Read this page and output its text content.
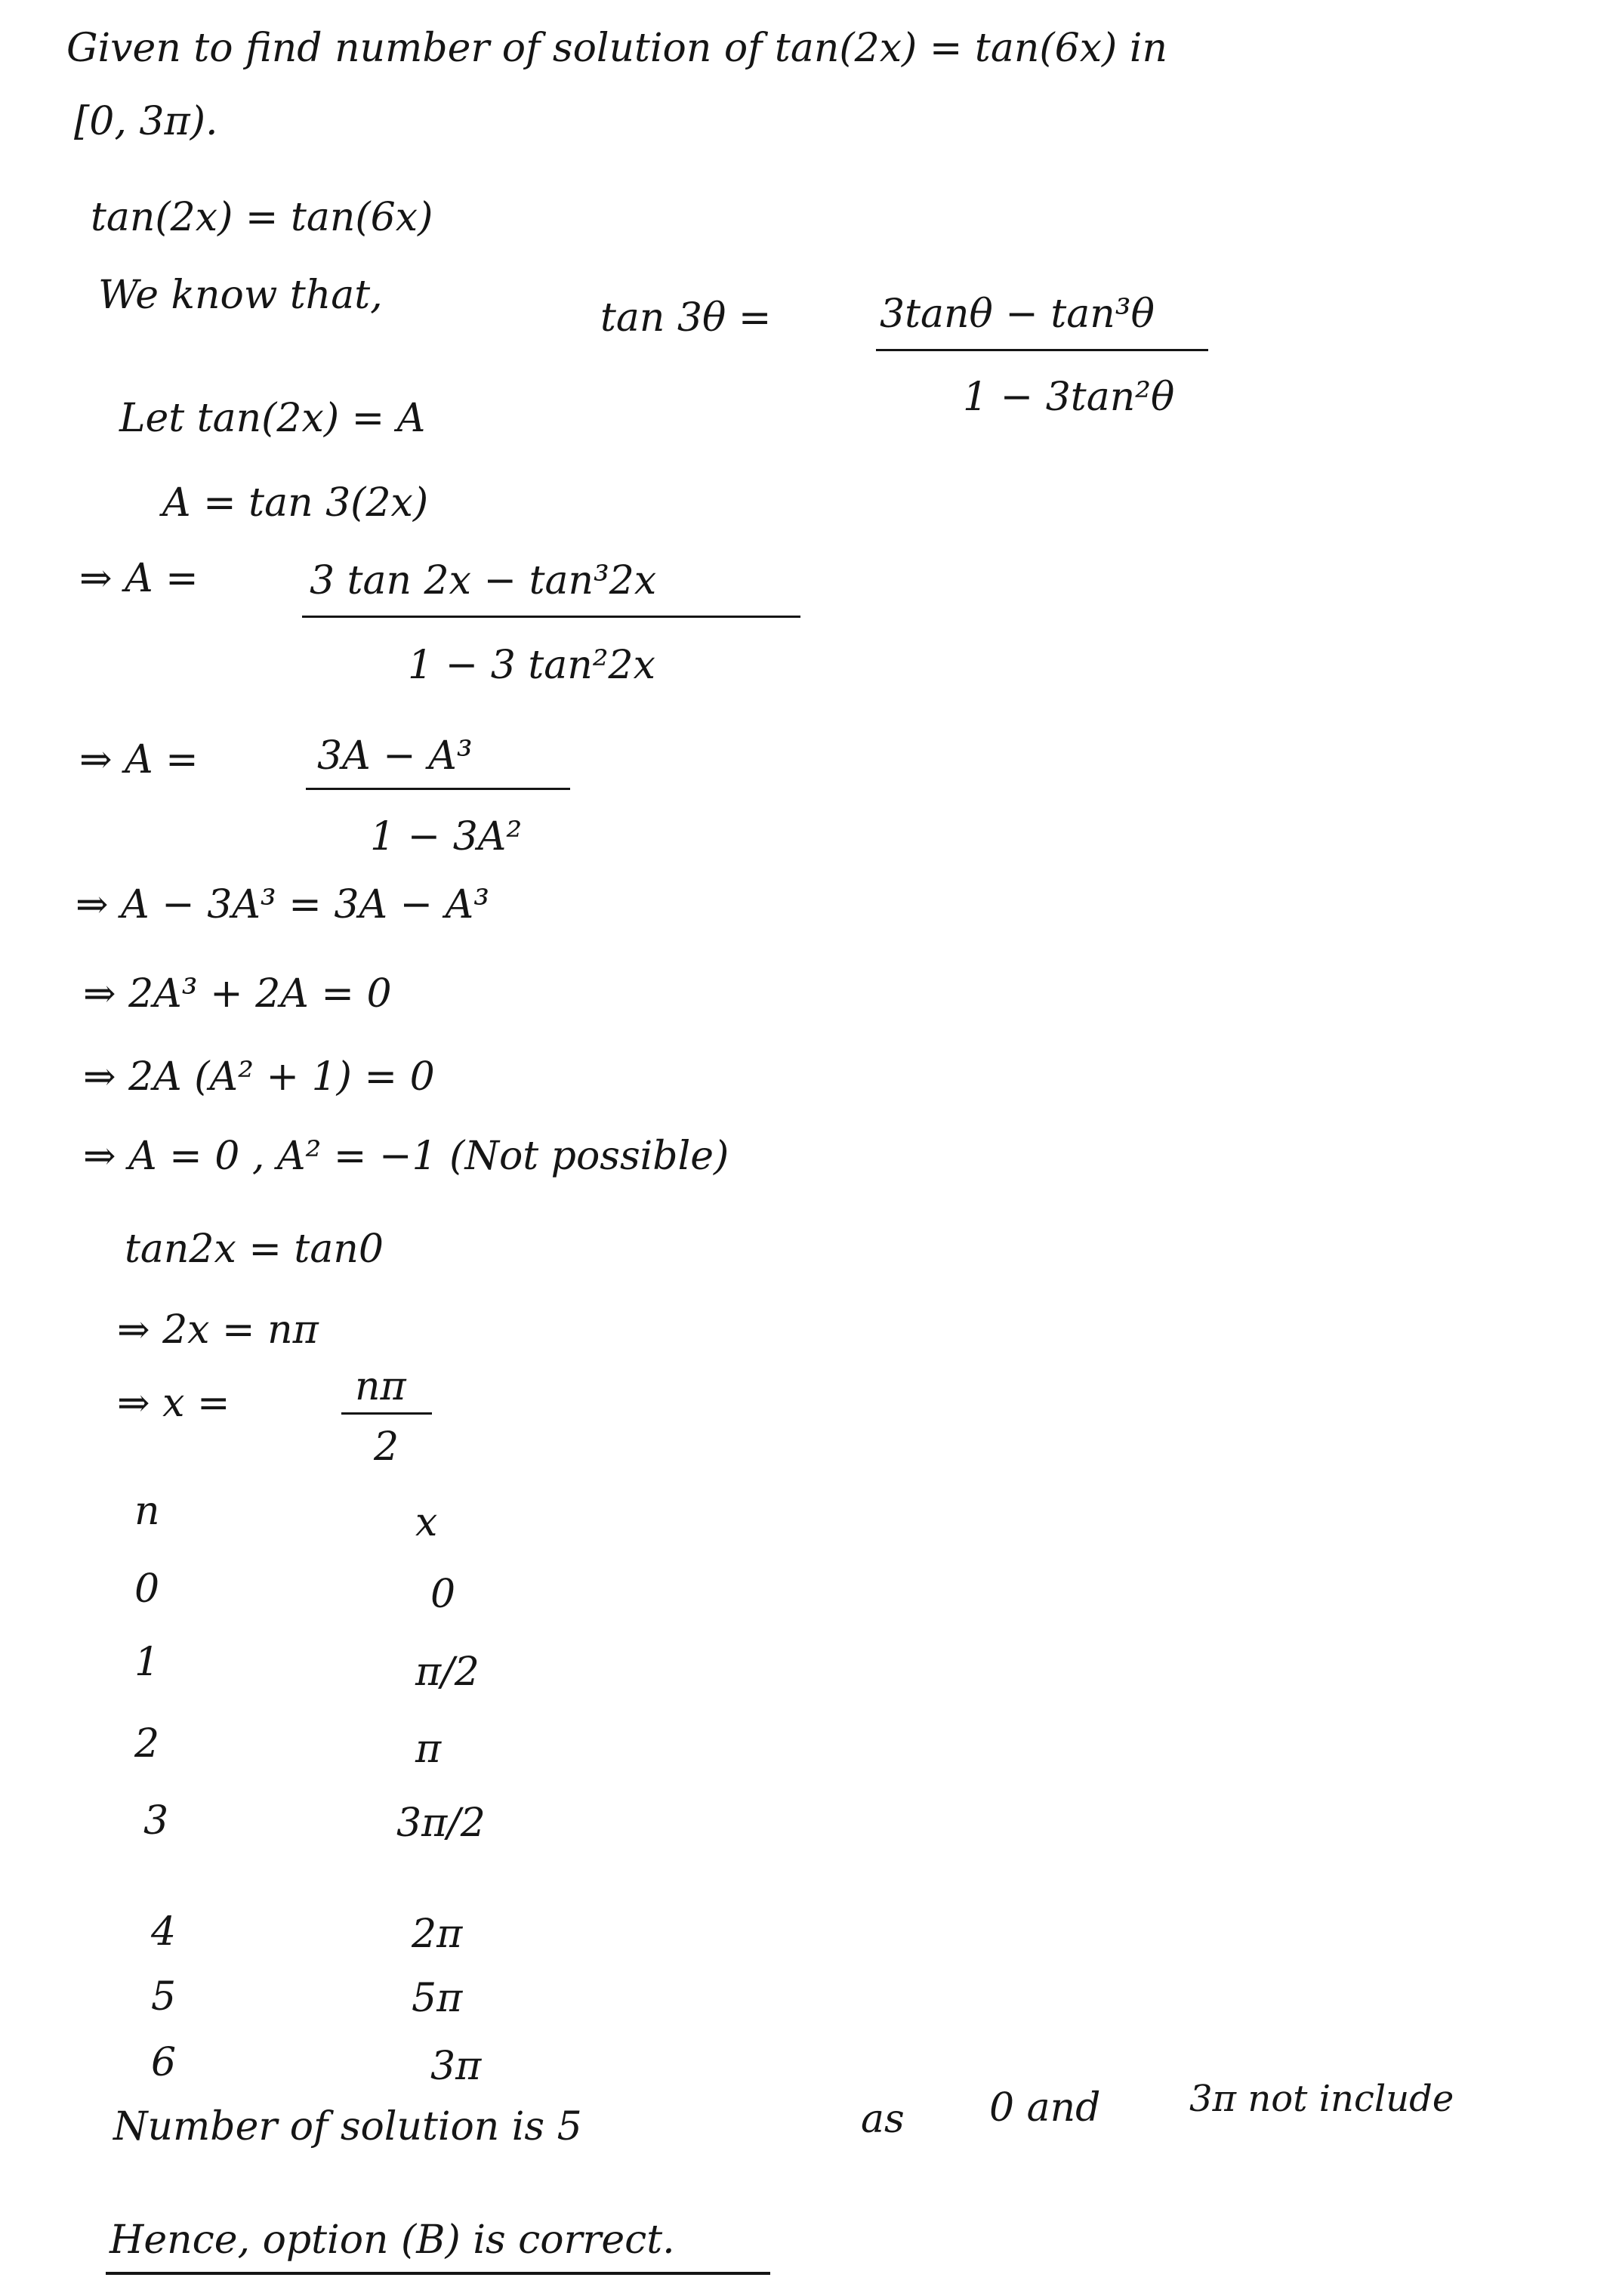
Given to find number of solution of tan(2x) = tan(6x) in
[0, 3π).
tan(2x) = tan(6x)
We know that,	tan 3θ =	3tanθ − tan³θ
1 − 3tan²θ
Let tan(2x) = A
A = tan 3(2x)
⇒ A =	3 tan 2x − tan³2x
1 − 3 tan²2x
⇒ A =	3A − A³
1 − 3A²
⇒ A − 3A³ = 3A − A³
⇒ 2A³ + 2A = 0
⇒ 2A (A² + 1) = 0
⇒ A = 0 , A² = −1 (Not possible)
tan2x = tan0
⇒ 2x = nπ
⇒ x =	nπ
2
n	x
0	0
1	π/2
2	π
3	3π/2
4	2π
5	5π
6	3π
Number of solution is 5	as 0 and 3π not include
Hence, option (B) is correct.
